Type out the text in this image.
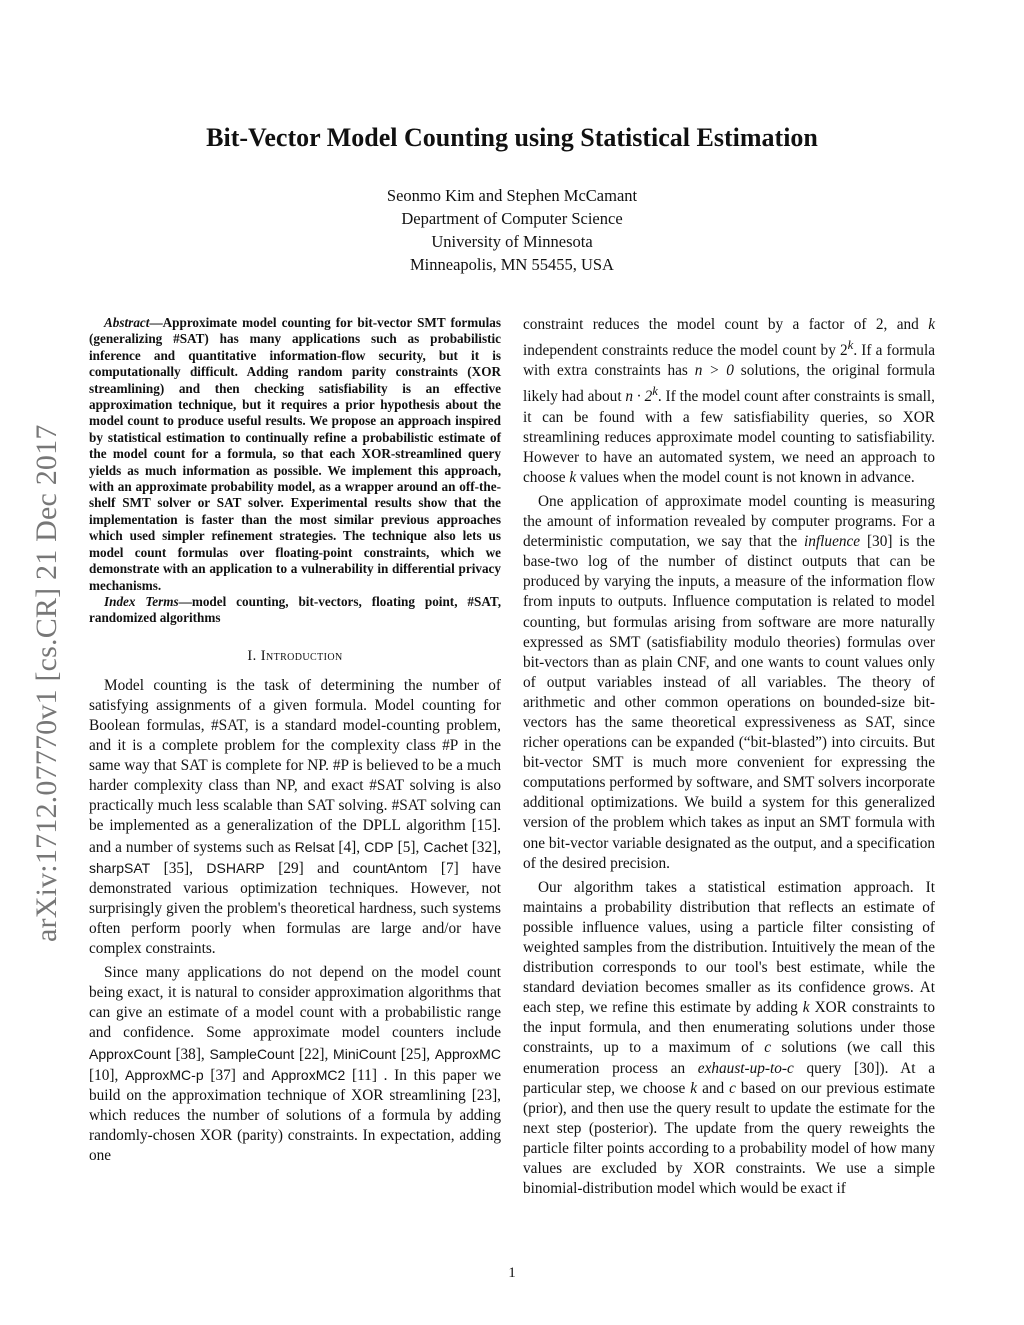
Bit-Vector Model Counting using Statistical Estimation
Seonmo Kim and Stephen McCamant
Department of Computer Science
University of Minnesota
Minneapolis, MN 55455, USA
arXiv:1712.07770v1 [cs.CR] 21 Dec 2017

Abstract—Approximate model counting for bit-vector SMT formulas (generalizing #SAT) has many applications such as probabilistic inference and quantitative information-flow security, but it is computationally difficult. Adding random parity constraints (XOR streamlining) and then checking satisfiability is an effective approximation technique, but it requires a prior hypothesis about the model count to produce useful results. We propose an approach inspired by statistical estimation to continually refine a probabilistic estimate of the model count for a formula, so that each XOR-streamlined query yields as much information as possible. We implement this approach, with an approximate probability model, as a wrapper around an off-the-shelf SMT solver or SAT solver. Experimental results show that the implementation is faster than the most similar previous approaches which used simpler refinement strategies. The technique also lets us model count formulas over floating-point constraints, which we demonstrate with an application to a vulnerability in differential privacy mechanisms.

Index Terms—model counting, bit-vectors, floating point, #SAT, randomized algorithms

I. Introduction

Model counting is the task of determining the number of satisfying assignments of a given formula. Model counting for Boolean formulas, #SAT, is a standard model-counting problem, and it is a complete problem for the complexity class #P in the same way that SAT is complete for NP. #P is believed to be a much harder complexity class than NP, and exact #SAT solving is also practically much less scalable than SAT solving. #SAT solving can be implemented as a generalization of the DPLL algorithm [15]. and a number of systems such as Relsat [4], CDP [5], Cachet [32], sharpSAT [35], DSHARP [29] and countAntom [7] have demonstrated various optimization techniques. However, not surprisingly given the problem's theoretical hardness, such systems often perform poorly when formulas are large and/or have complex constraints.

Since many applications do not depend on the model count being exact, it is natural to consider approximation algorithms that can give an estimate of a model count with a probabilistic range and confidence. Some approximate model counters include ApproxCount [38], SampleCount [22], MiniCount [25], ApproxMC [10], ApproxMC-p [37] and ApproxMC2 [11] . In this paper we build on the approximation technique of XOR streamlining [23], which reduces the number of solutions of a formula by adding randomly-chosen XOR (parity) constraints. In expectation, adding one

constraint reduces the model count by a factor of 2, and k independent constraints reduce the model count by 2$^k$. If a formula with extra constraints has n > 0 solutions, the original formula likely had about $n \cdot 2^k$. If the model count after constraints is small, it can be found with a few satisfiability queries, so XOR streamlining reduces approximate model counting to satisfiability. However to have an automated system, we need an approach to choose k values when the model count is not known in advance.

One application of approximate model counting is measuring the amount of information revealed by computer programs. For a deterministic computation, we say that the influence [30] is the base-two log of the number of distinct outputs that can be produced by varying the inputs, a measure of the information flow from inputs to outputs. Influence computation is related to model counting, but formulas arising from software are more naturally expressed as SMT (satisfiability modulo theories) formulas over bit-vectors than as plain CNF, and one wants to count values only of output variables instead of all variables. The theory of arithmetic and other common operations on bounded-size bit-vectors has the same theoretical expressiveness as SAT, since richer operations can be expanded (“bit-blasted”) into circuits. But bit-vector SMT is much more convenient for expressing the computations performed by software, and SMT solvers incorporate additional optimizations. We build a system for this generalized version of the problem which takes as input an SMT formula with one bit-vector variable designated as the output, and a specification of the desired precision.

Our algorithm takes a statistical estimation approach. It maintains a probability distribution that reflects an estimate of possible influence values, using a particle filter consisting of weighted samples from the distribution. Intuitively the mean of the distribution corresponds to our tool's best estimate, while the standard deviation becomes smaller as its confidence grows. At each step, we refine this estimate by adding k XOR constraints to the input formula, and then enumerating solutions under those constraints, up to a maximum of c solutions (we call this enumeration process an exhaust-up-to-c query [30]). At a particular step, we choose k and c based on our previous estimate (prior), and then use the query result to update the estimate for the next step (posterior). The update from the query reweights the particle filter points according to a probability model of how many values are excluded by XOR constraints. We use a simple binomial-distribution model which would be exact if

1
